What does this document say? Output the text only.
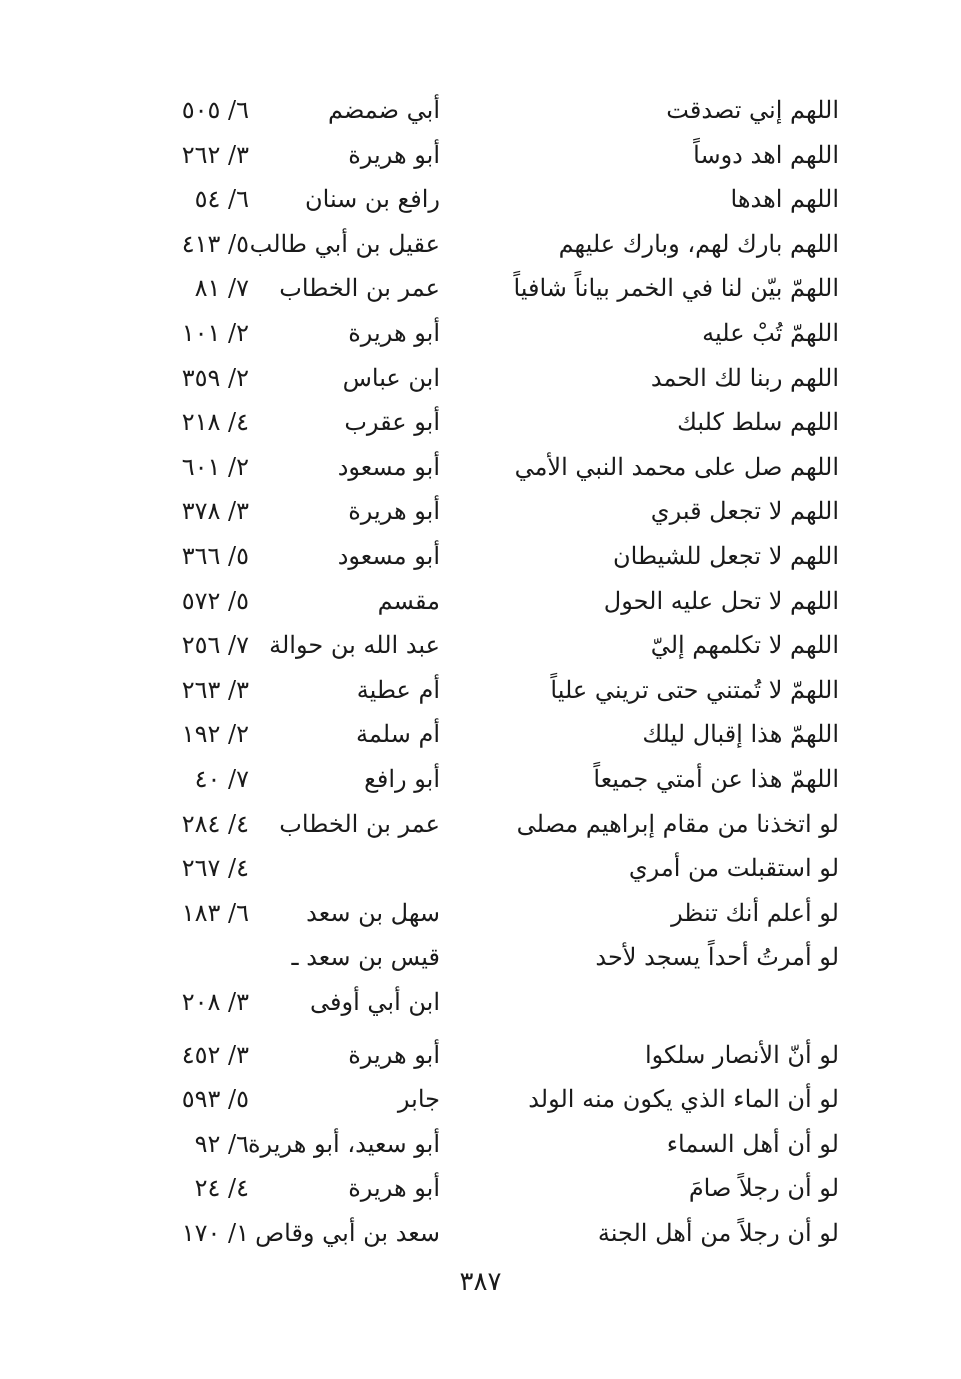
اللهم إني تصدقت
أبي ضمضم
٦/ ٥٠٥
اللهم اهد دوساً
أبو هريرة
٣/ ٢٦٢
اللهم اهدها
رافع بن سنان
٦/ ٥٤
اللهم بارك لهم، وبارك عليهم
عقيل بن أبي طالب
٥/ ٤١٣
اللهمّ بيّن لنا في الخمر بياناً شافياً
عمر بن الخطاب
٧/ ٨١
اللهمّ تُبْ عليه
أبو هريرة
٢/ ١٠١
اللهم ربنا لك الحمد
ابن عباس
٢/ ٣٥٩
اللهم سلط كلبك
أبو عقرب
٤/ ٢١٨
اللهم صل على محمد النبي الأمي
أبو مسعود
٢/ ٦٠١
اللهم لا تجعل قبري
أبو هريرة
٣/ ٣٧٨
اللهم لا تجعل للشيطان
أبو مسعود
٥/ ٣٦٦
اللهم لا تحل عليه الحول
مقسم
٥/ ٥٧٢
اللهم لا تكلمهم إليّ
عبد الله بن حوالة
٧/ ٢٥٦
اللهمّ لا تُمتني حتى تريني علياً
أم عطية
٣/ ٢٦٣
اللهمّ هذا إقبال ليلك
أم سلمة
٢/ ١٩٢
اللهمّ هذا عن أمتي جميعاً
أبو رافع
٧/ ٤٠
لو اتخذنا من مقام إبراهيم مصلى
عمر بن الخطاب
٤/ ٢٨٤
لو استقبلت من أمري
٤/ ٢٦٧
لو أعلم أنك تنظر
سهل بن سعد
٦/ ١٨٣
لو أمرتُ أحداً يسجد لأحد
قيس بن سعد ـ
ابن أبي أوفى
٣/ ٢٠٨
لو أنّ الأنصار سلكوا
أبو هريرة
٣/ ٤٥٢
لو أن الماء الذي يكون منه الولد
جابر
٥/ ٥٩٣
لو أن أهل السماء
أبو سعيد، أبو هريرة
٦/ ٩٢
لو أن رجلاً صامَ
أبو هريرة
٤/ ٢٤
لو أن رجلاً من أهل الجنة
سعد بن أبي وقاص
١/ ١٧٠
٣٨٧
